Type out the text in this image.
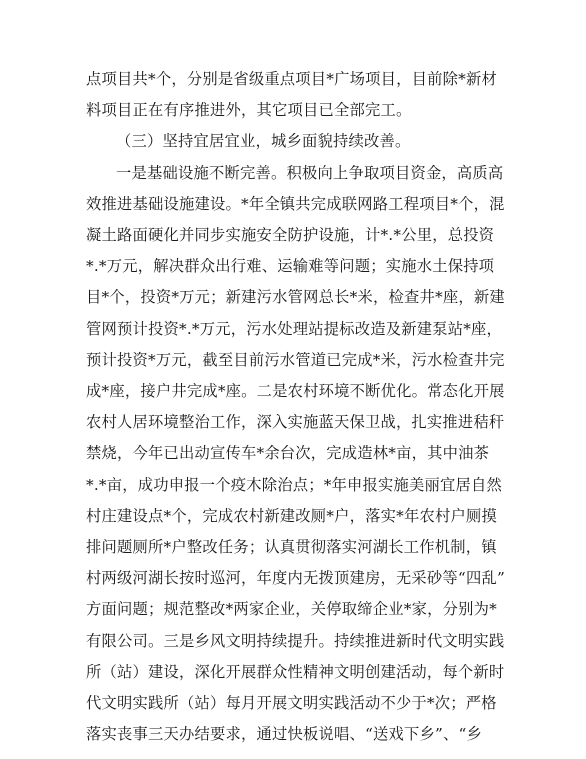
点项目共*个，分别是省级重点项目*广场项目，目前除*新材
料项目正在有序推进外，其它项目已全部完工。
（三）坚持宜居宜业，城乡面貌持续改善。
一是基础设施不断完善。积极向上争取项目资金，高质高
效推进基础设施建设。*年全镇共完成联网路工程项目*个，混
凝土路面硬化并同步实施安全防护设施，计*.*公里，总投资
*.*万元，解决群众出行难、运输难等问题；实施水土保持项
目*个，投资*万元；新建污水管网总长*米，检查井*座，新建
管网预计投资*.*万元，污水处理站提标改造及新建泵站*座，
预计投资*万元，截至目前污水管道已完成*米，污水检查井完
成*座，接户井完成*座。二是农村环境不断优化。常态化开展
农村人居环境整治工作，深入实施蓝天保卫战，扎实推进秸秆
禁烧，今年已出动宣传车*余台次，完成造林*亩，其中油茶
*.*亩，成功申报一个疫木除治点；*年申报实施美丽宜居自然
村庄建设点*个，完成农村新建改厕*户，落实*年农村户厕摸
排问题厕所*户整改任务；认真贯彻落实河湖长工作机制，镇
村两级河湖长按时巡河，年度内无拨顶建房，无采砂等“四乱”
方面问题；规范整改*两家企业，关停取缔企业*家，分别为*
有限公司。三是乡风文明持续提升。持续推进新时代文明实践
所（站）建设，深化开展群众性精神文明创建活动，每个新时
代文明实践所（站）每月开展文明实践活动不少于*次；严格
落实丧事三天办结要求，通过快板说唱、“送戏下乡”、“乡
